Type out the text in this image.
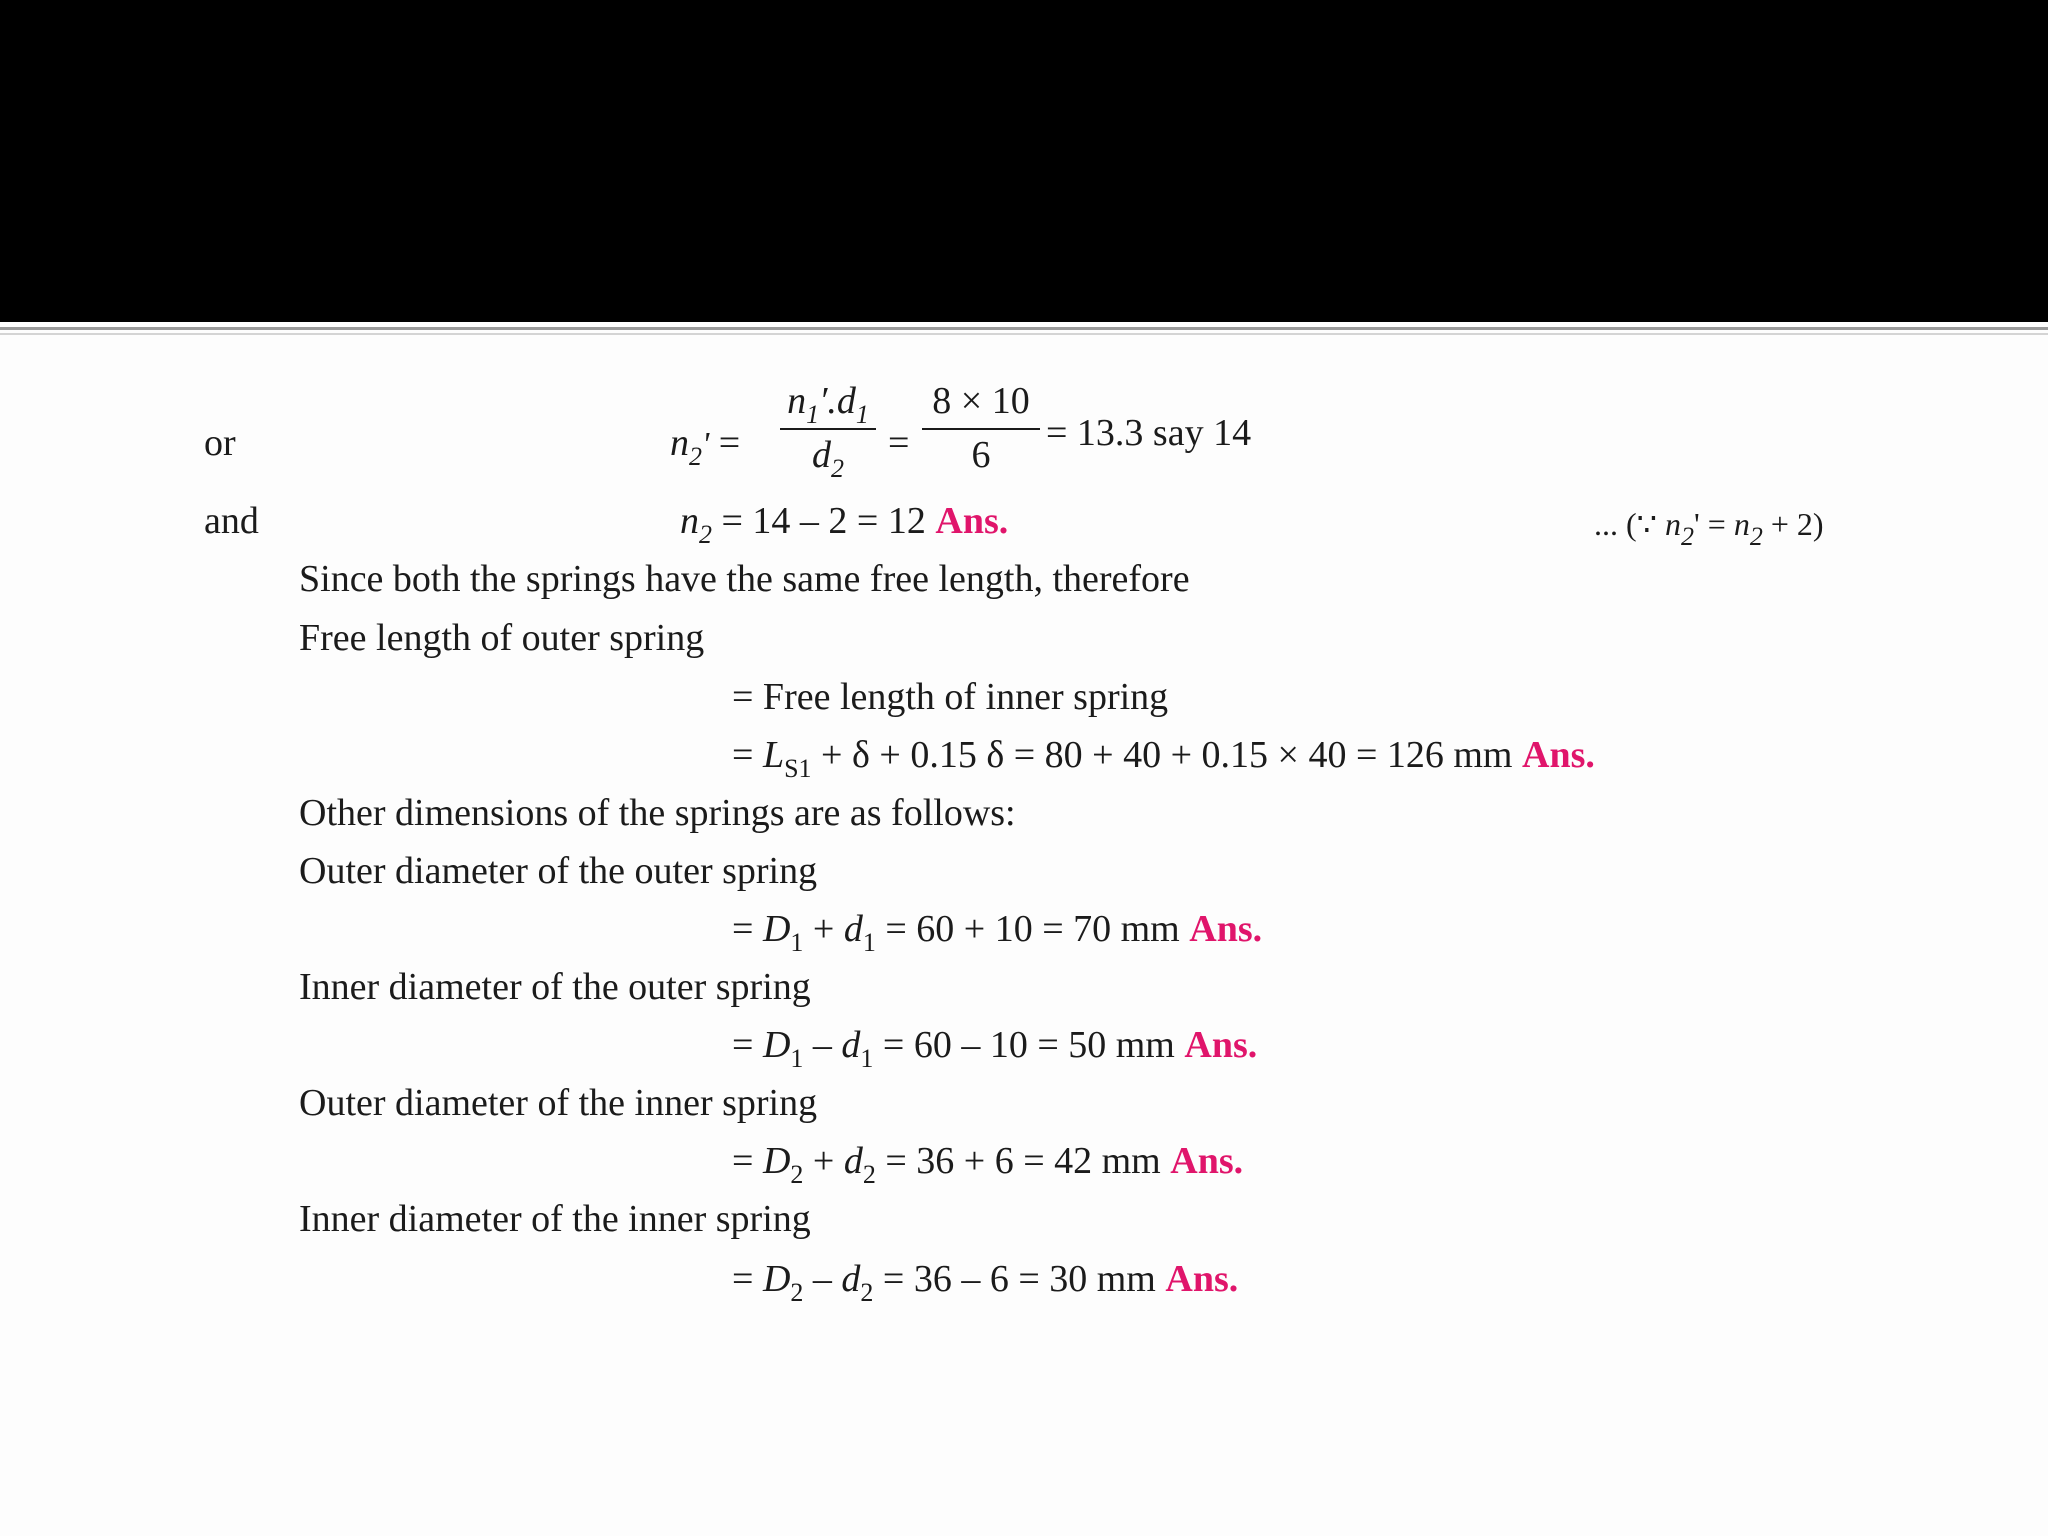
or	$n_2'$ =
$n_1'.d_1$
$d_2$
=
8 × 10
6
= 13.3 say 14
and	$n_2 = 14 - 2 = 12$ Ans.	... (∵ $n_2' = n_2 + 2$)
Since both the springs have the same free length, therefore
Free length of outer spring
= Free length of inner spring
= $L_{S1} + \delta + 0.15$ δ = 80 + 40 + 0.15 × 40 = 126 mm Ans.
Other dimensions of the springs are as follows:
Outer diameter of the outer spring
= $D_1 + d_1 = 60 + 10 = 70$ mm Ans.
Inner diameter of the outer spring
= $D_1 - d_1 = 60 - 10 = 50$ mm Ans.
Outer diameter of the inner spring
= $D_2 + d_2 = 36 + 6 = 42$ mm Ans.
Inner diameter of the inner spring
= $D_2 - d_2 = 36 - 6 = 30$ mm Ans.
